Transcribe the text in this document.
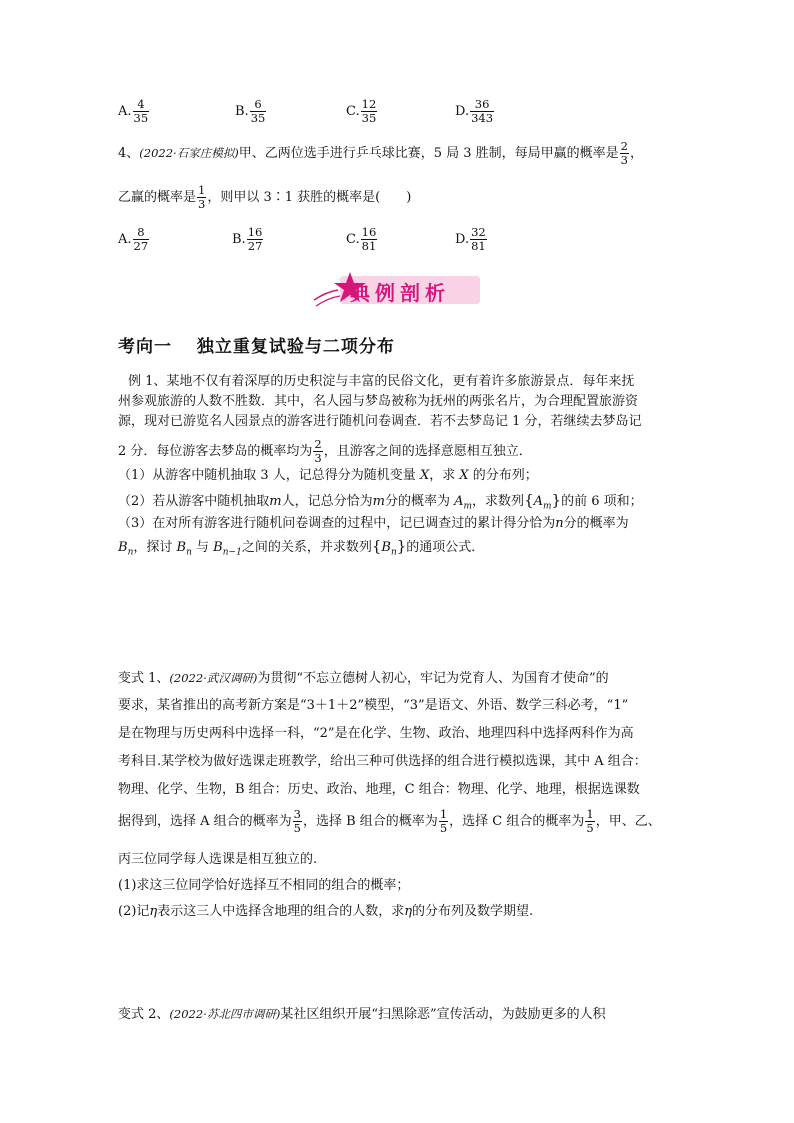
A. $\frac{4}{35}$	B. $\frac{6}{35}$	C. $\frac{12}{35}$	D. $\frac{36}{343}$
4、(2022·石家庄模拟)甲、乙两位选手进行乒乓球比赛，5 局 3 胜制，每局甲赢的概率是 $\frac{2}{3}$ ，
乙赢的概率是 $\frac{1}{3}$ ，则甲以 3∶1 获胜的概率是(　　)
A. $\frac{8}{27}$	B. $\frac{16}{27}$	C. $\frac{16}{81}$	D. $\frac{32}{81}$
典例剖析
考向一　 独立重复试验与二项分布
例 1、某地不仅有着深厚的历史积淀与丰富的民俗文化，更有着许多旅游景点．每年来抚
州参观旅游的人数不胜数．其中，名人园与梦岛被称为抚州的两张名片，为合理配置旅游资
源，现对已游览名人园景点的游客进行随机问卷调查．若不去梦岛记 1 分，若继续去梦岛记
2 分．每位游客去梦岛的概率均为 $\frac{2}{3}$ ，且游客之间的选择意愿相互独立．
（1）从游客中随机抽取 3 人，记总得分为随机变量 X，求 X 的分布列；
（2）若从游客中随机抽取m人，记总分恰为m分的概率为 $A_m$，求数列$\{A_m\}$的前 6 项和；
（3）在对所有游客进行随机问卷调查的过程中，记已调查过的累计得分恰为n分的概率为
$B_n$，探讨 $B_n$ 与 $B_{n-1}$之间的关系，并求数列$\{B_n\}$的通项公式．
变式 1、(2022·武汉调研)为贯彻“不忘立德树人初心，牢记为党育人、为国育才使命”的
要求，某省推出的高考新方案是“3＋1＋2”模型，“3”是语文、外语、数学三科必考，“1”
是在物理与历史两科中选择一科，“2”是在化学、生物、政治、地理四科中选择两科作为高
考科目.某学校为做好选课走班教学，给出三种可供选择的组合进行模拟选课，其中 A 组合：
物理、化学、生物，B 组合：历史、政治、地理，C 组合：物理、化学、地理，根据选课数
据得到，选择 A 组合的概率为 $\frac{3}{5}$ ，选择 B 组合的概率为 $\frac{1}{5}$ ，选择 C 组合的概率为 $\frac{1}{5}$ ，甲、乙、
丙三位同学每人选课是相互独立的.
(1)求这三位同学恰好选择互不相同的组合的概率；
(2)记η表示这三人中选择含地理的组合的人数，求η的分布列及数学期望.
变式 2、(2022·苏北四市调研)某社区组织开展“扫黑除恶”宣传活动，为鼓励更多的人积
